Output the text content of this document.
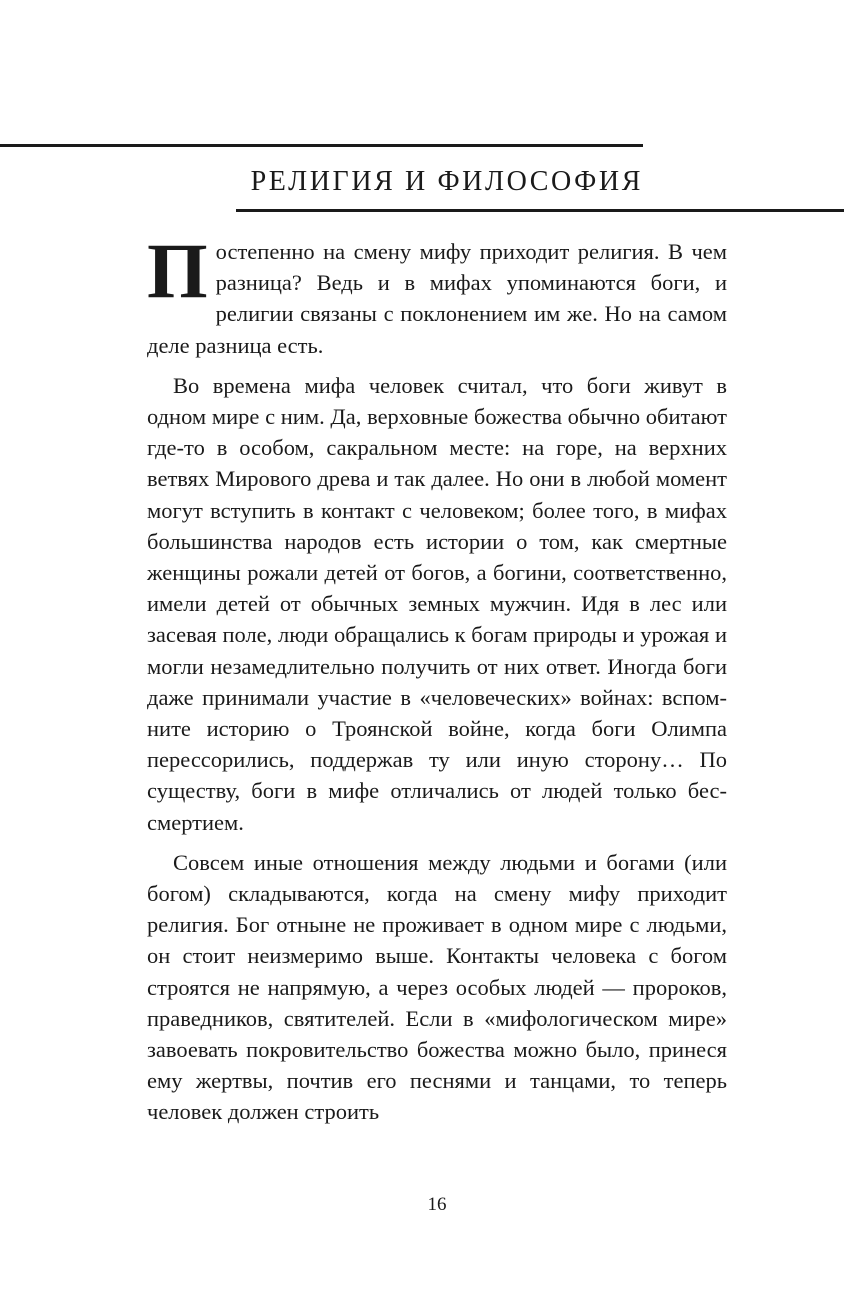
РЕЛИГИЯ И ФИЛОСОФИЯ

Постепенно на смену мифу приходит религия. В чем разница? Ведь и в мифах упоминаются боги, и религии связаны с поклонением им же. Но на самом деле разница есть.

Во времена мифа человек считал, что боги живут в одном мире с ним. Да, верховные божества обычно обитают где-то в особом, сакральном месте: на горе, на верхних ветвях Мирового древа и так далее. Но они в любой момент могут вступить в контакт с человеком; более того, в мифах большинства народов есть истории о том, как смертные женщины рожали детей от богов, а богини, соответственно, имели детей от обычных земных мужчин. Идя в лес или засевая поле, люди обращались к богам природы и урожая и могли незамедлительно получить от них ответ. Иногда боги даже принимали участие в «человеческих» войнах: вспомните историю о Троянской войне, когда боги Олимпа перессорились, поддержав ту или иную сторону… По существу, боги в мифе отличались от людей только бессмертием.

Совсем иные отношения между людьми и богами (или богом) складываются, когда на смену мифу приходит религия. Бог отныне не проживает в одном мире с людьми, он стоит неизмеримо выше. Контакты человека с богом строятся не напрямую, а через особых людей — пророков, праведников, святителей. Если в «мифологическом мире» завоевать покровительство божества можно было, принеся ему жертвы, почтив его песнями и танцами, то теперь человек должен строить

16
